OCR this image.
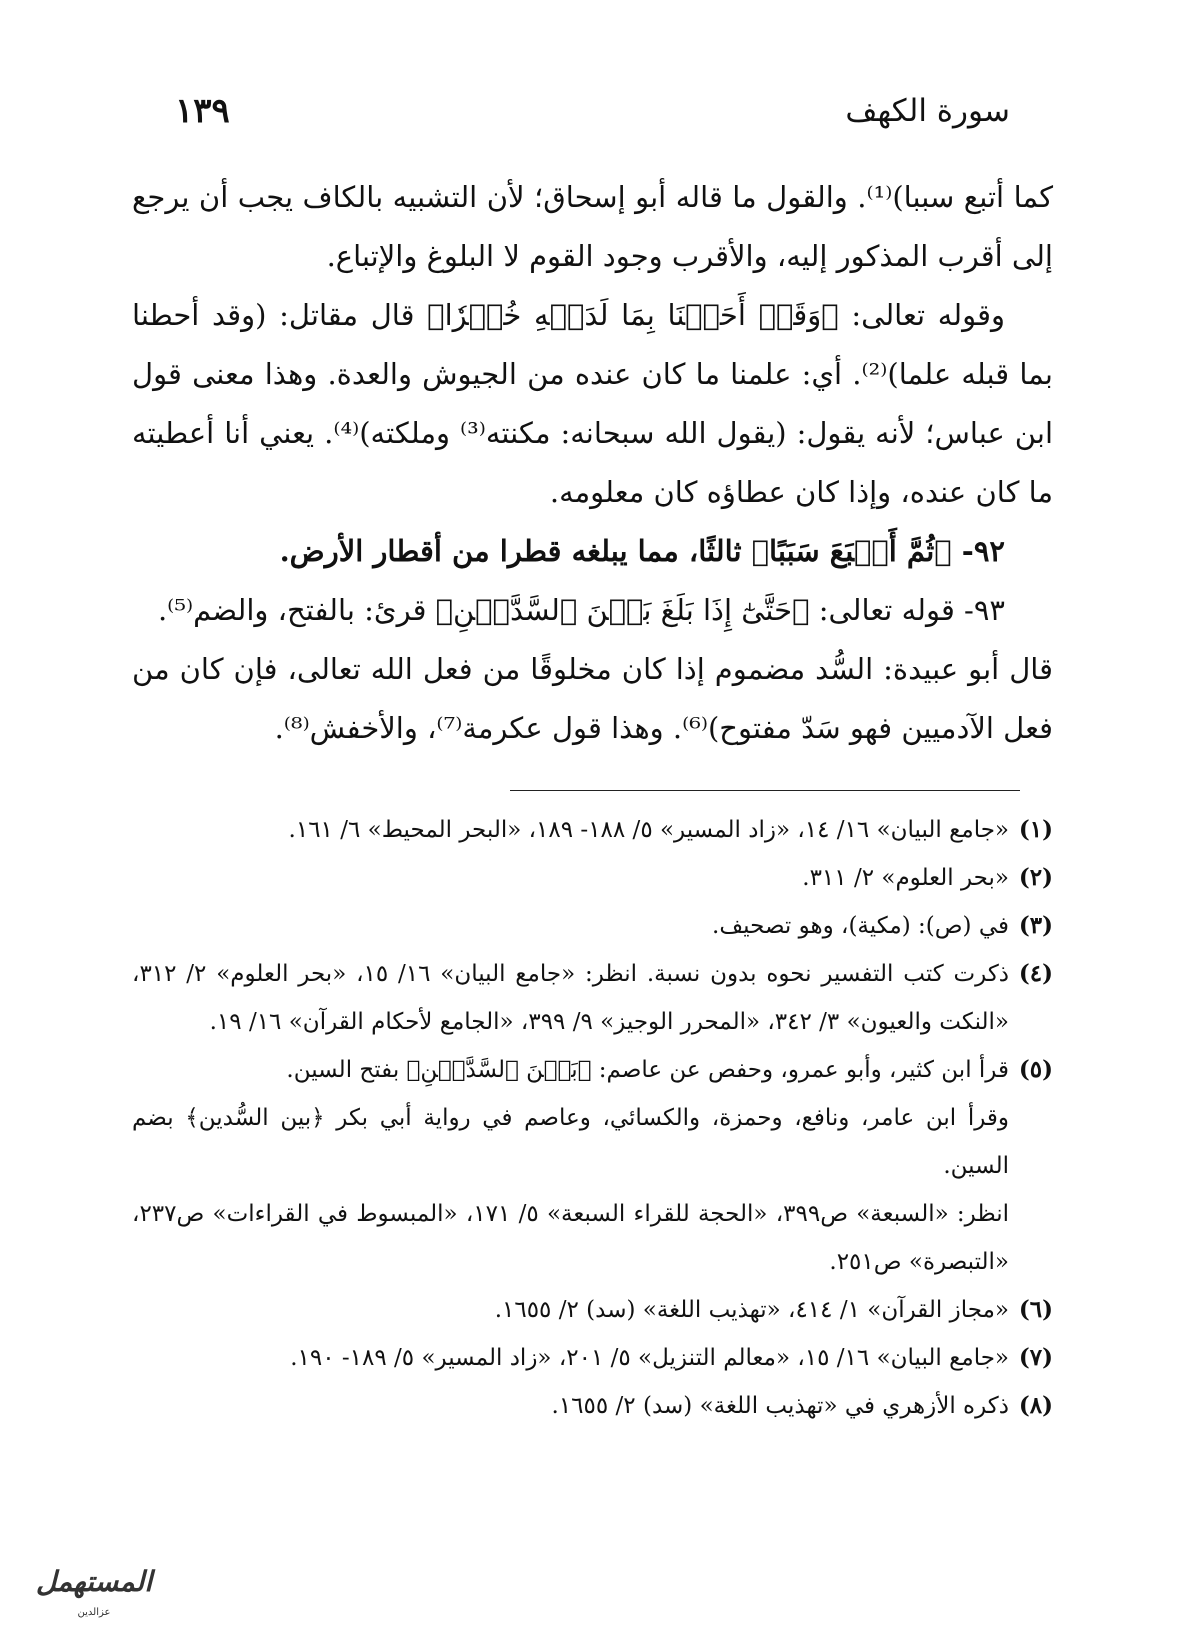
سورة الكهف
١٣٩

كما أتبع سببا)⁽¹⁾. والقول ما قاله أبو إسحاق؛ لأن التشبيه بالكاف يجب أن يرجع إلى أقرب المذكور إليه، والأقرب وجود القوم لا البلوغ والإتباع.

وقوله تعالى: ﴿وَقَدۡ أَحَطۡنَا بِمَا لَدَيۡهِ خُبۡرٗا﴾ قال مقاتل: (وقد أحطنا بما قبله علما)⁽²⁾. أي: علمنا ما كان عنده من الجيوش والعدة. وهذا معنى قول ابن عباس؛ لأنه يقول: (يقول الله سبحانه: مكنته⁽³⁾ وملكته)⁽⁴⁾. يعني أنا أعطيته ما كان عنده، وإذا كان عطاؤه كان معلومه.

٩٢- ﴿ثُمَّ أَتۡبَعَ سَبَبًا﴾ ثالثًا، مما يبلغه قطرا من أقطار الأرض.

٩٣- قوله تعالى: ﴿حَتَّىٰٓ إِذَا بَلَغَ بَيۡنَ ٱلسَّدَّيۡنِ﴾ قرئ: بالفتح، والضم⁽⁵⁾.

قال أبو عبيدة: السُّد مضموم إذا كان مخلوقًا من فعل الله تعالى، فإن كان من فعل الآدميين فهو سَدّ مفتوح)⁽⁶⁾. وهذا قول عكرمة⁽⁷⁾، والأخفش⁽⁸⁾.

(١)
«جامع البيان» ١٦/ ١٤، «زاد المسير» ٥/ ١٨٨- ١٨٩، «البحر المحيط» ٦/ ١٦١.
(٢)
«بحر العلوم» ٢/ ٣١١.
(٣)
في (ص): (مكية)، وهو تصحيف.
(٤)
ذكرت كتب التفسير نحوه بدون نسبة. انظر: «جامع البيان» ١٦/ ١٥، «بحر العلوم» ٢/ ٣١٢، «النكت والعيون» ٣/ ٣٤٢، «المحرر الوجيز» ٩/ ٣٩٩، «الجامع لأحكام القرآن» ١٦/ ١٩.
(٥)
قرأ ابن كثير، وأبو عمرو، وحفص عن عاصم: ﴿بَيۡنَ ٱلسَّدَّيۡنِ﴾ بفتح السين.
وقرأ ابن عامر، ونافع، وحمزة، والكسائي، وعاصم في رواية أبي بكر ﴿بين السُّدين﴾ بضم السين.
انظر: «السبعة» ص٣٩٩، «الحجة للقراء السبعة» ٥/ ١٧١، «المبسوط في القراءات» ص٢٣٧، «التبصرة» ص٢٥١.
(٦)
«مجاز القرآن» ١/ ٤١٤، «تهذيب اللغة» (سد) ٢/ ١٦٥٥.
(٧)
«جامع البيان» ١٦/ ١٥، «معالم التنزيل» ٥/ ٢٠١، «زاد المسير» ٥/ ١٨٩- ١٩٠.
(٨)
ذكره الأزهري في «تهذيب اللغة» (سد) ٢/ ١٦٥٥.
المستهمل
عزالدين
